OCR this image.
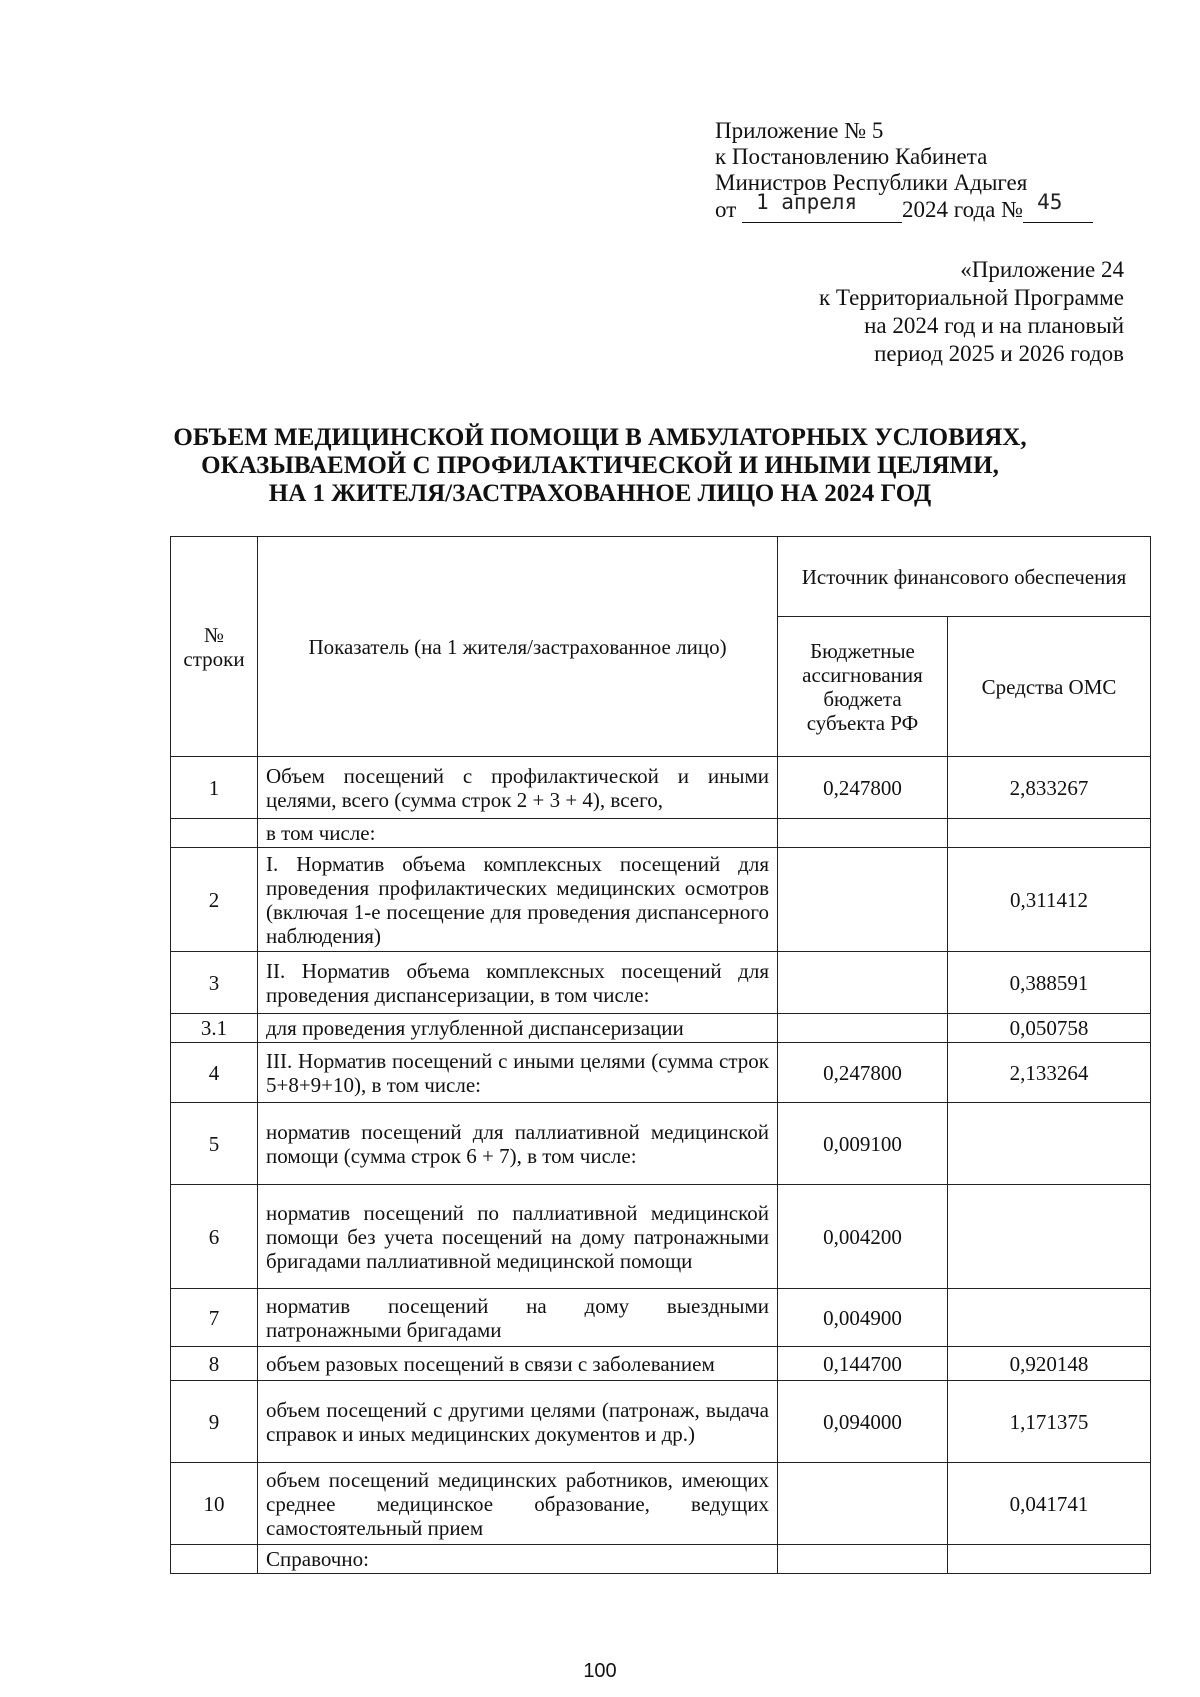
Приложение № 5
к Постановлению Кабинета
Министров Республики Адыгея
от 1 апреля 2024 года № 45
«Приложение 24
к Территориальной Программе
на 2024 год и на плановый
период 2025 и 2026 годов
ОБЪЕМ МЕДИЦИНСКОЙ ПОМОЩИ В АМБУЛАТОРНЫХ УСЛОВИЯХ,
ОКАЗЫВАЕМОЙ С ПРОФИЛАКТИЧЕСКОЙ И ИНЫМИ ЦЕЛЯМИ,
НА 1 ЖИТЕЛЯ/ЗАСТРАХОВАННОЕ ЛИЦО НА 2024 ГОД
№ строки	Показатель (на 1 жителя/застрахованное лицо)	Источник финансового обеспечения	
		Бюджетные ассигнования бюджета субъекта РФ	Средства ОМС
1	Объем посещений с профилактической и иными целями, всего (сумма строк 2 + 3 + 4), всего,	0,247800	2,833267
	в том числе:		
2	I. Норматив объема комплексных посещений для проведения профилактических медицинских осмотров (включая 1-е посещение для проведения диспансерного наблюдения)		0,311412
3	II. Норматив объема комплексных посещений для проведения диспансеризации, в том числе:		0,388591
3.1	для проведения углубленной диспансеризации		0,050758
4	III. Норматив посещений с иными целями (сумма строк 5+8+9+10), в том числе:	0,247800	2,133264
5	норматив посещений для паллиативной медицинской помощи (сумма строк 6 + 7), в том числе:	0,009100	
6	норматив посещений по паллиативной медицинской помощи без учета посещений на дому патронажными бригадами паллиативной медицинской помощи	0,004200	
7	норматив посещений на дому выездными патронажными бригадами	0,004900	
8	объем разовых посещений в связи с заболеванием	0,144700	0,920148
9	объем посещений с другими целями (патронаж, выдача справок и иных медицинских документов и др.)	0,094000	1,171375
10	объем посещений медицинских работников, имеющих среднее медицинское образование, ведущих самостоятельный прием		0,041741
	Справочно:		
100
